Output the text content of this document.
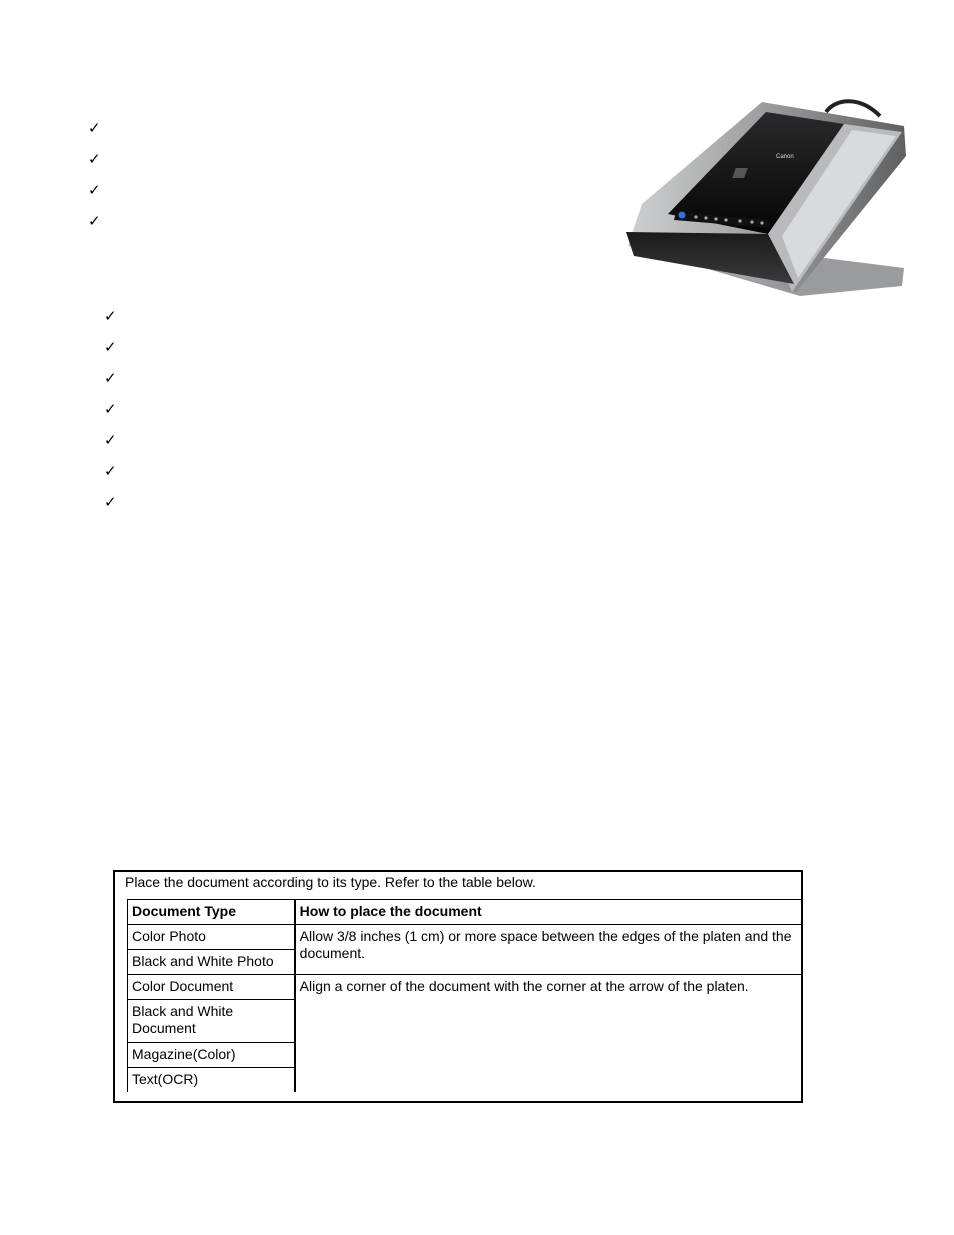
✓
✓
✓
✓
✓
✓
✓
✓
✓
✓
✓
Canon
Place the document according to its type. Refer to the table below.
Document Type	How to place the document
Color Photo	Allow 3/8 inches (1 cm) or more space between the edges of the platen and the document.
Black and White Photo	
Color Document	Align a corner of the document with the corner at the arrow of the platen.
Black and White Document	
Magazine(Color)	
Text(OCR)	
